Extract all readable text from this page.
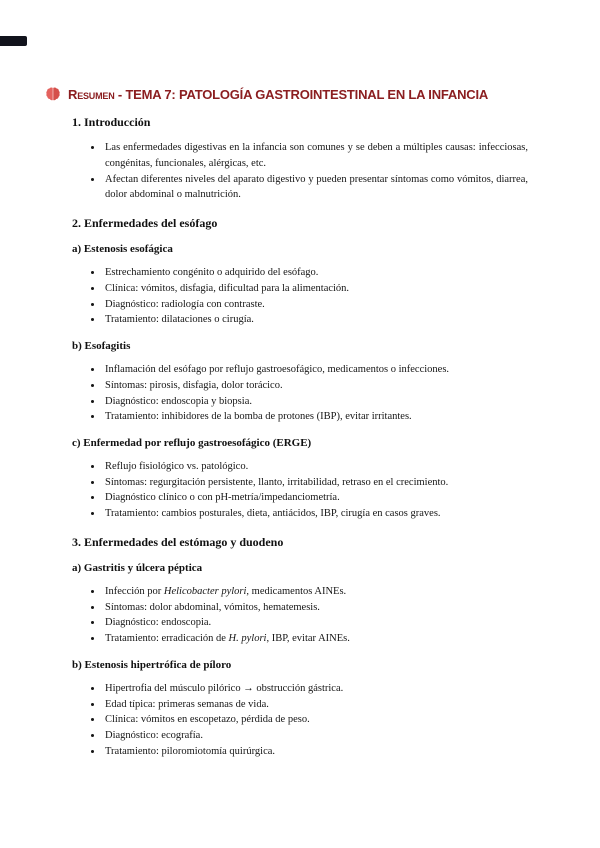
Resumen - TEMA 7: PATOLOGÍA GASTROINTESTINAL EN LA INFANCIA
1. Introducción
• Las enfermedades digestivas en la infancia son comunes y se deben a múltiples causas: infecciosas, congénitas, funcionales, alérgicas, etc.
• Afectan diferentes niveles del aparato digestivo y pueden presentar síntomas como vómitos, diarrea, dolor abdominal o malnutrición.
2. Enfermedades del esófago
a) Estenosis esofágica
• Estrechamiento congénito o adquirido del esófago.
• Clínica: vómitos, disfagia, dificultad para la alimentación.
• Diagnóstico: radiología con contraste.
• Tratamiento: dilataciones o cirugía.
b) Esofagitis
• Inflamación del esófago por reflujo gastroesofágico, medicamentos o infecciones.
• Síntomas: pirosis, disfagia, dolor torácico.
• Diagnóstico: endoscopia y biopsia.
• Tratamiento: inhibidores de la bomba de protones (IBP), evitar irritantes.
c) Enfermedad por reflujo gastroesofágico (ERGE)
• Reflujo fisiológico vs. patológico.
• Síntomas: regurgitación persistente, llanto, irritabilidad, retraso en el crecimiento.
• Diagnóstico clínico o con pH-metría/impedanciometría.
• Tratamiento: cambios posturales, dieta, antiácidos, IBP, cirugía en casos graves.
3. Enfermedades del estómago y duodeno
a) Gastritis y úlcera péptica
• Infección por Helicobacter pylori, medicamentos AINEs.
• Síntomas: dolor abdominal, vómitos, hematemesis.
• Diagnóstico: endoscopia.
• Tratamiento: erradicación de H. pylori, IBP, evitar AINEs.
b) Estenosis hipertrófica de píloro
• Hipertrofia del músculo pilórico → obstrucción gástrica.
• Edad típica: primeras semanas de vida.
• Clínica: vómitos en escopetazo, pérdida de peso.
• Diagnóstico: ecografía.
• Tratamiento: piloromiotomía quirúrgica.
